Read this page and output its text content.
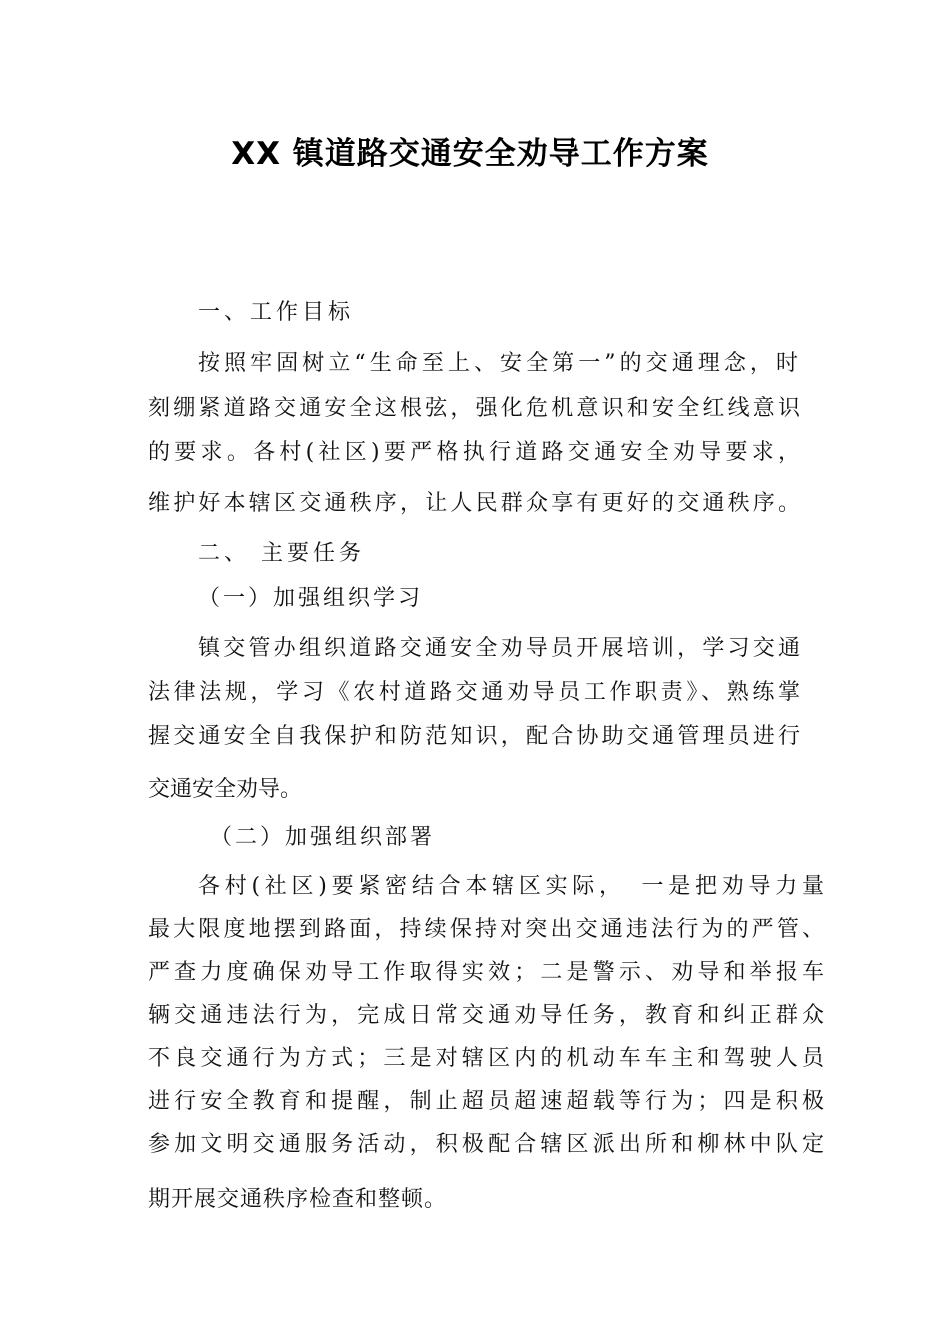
XX 镇道路交通安全劝导工作方案
一、工作目标
按照牢固树立“生命至上、安全第一”的交通理念，时
刻绷紧道路交通安全这根弦，强化危机意识和安全红线意识
的要求。各村(社区)要严格执行道路交通安全劝导要求，
维护好本辖区交通秩序，让人民群众享有更好的交通秩序。
二、 主要任务
（一）加强组织学习
镇交管办组织道路交通安全劝导员开展培训，学习交通
法律法规，学习《农村道路交通劝导员工作职责》、熟练掌
握交通安全自我保护和防范知识，配合协助交通管理员进行
交通安全劝导。
（二）加强组织部署
各村(社区)要紧密结合本辖区实际，　一是把劝导力量
最大限度地摆到路面，持续保持对突出交通违法行为的严管、
严查力度确保劝导工作取得实效；二是警示、劝导和举报车
辆交通违法行为，完成日常交通劝导任务，教育和纠正群众
不良交通行为方式；三是对辖区内的机动车车主和驾驶人员
进行安全教育和提醒，制止超员超速超载等行为；四是积极
参加文明交通服务活动，积极配合辖区派出所和柳林中队定
期开展交通秩序检查和整顿。
